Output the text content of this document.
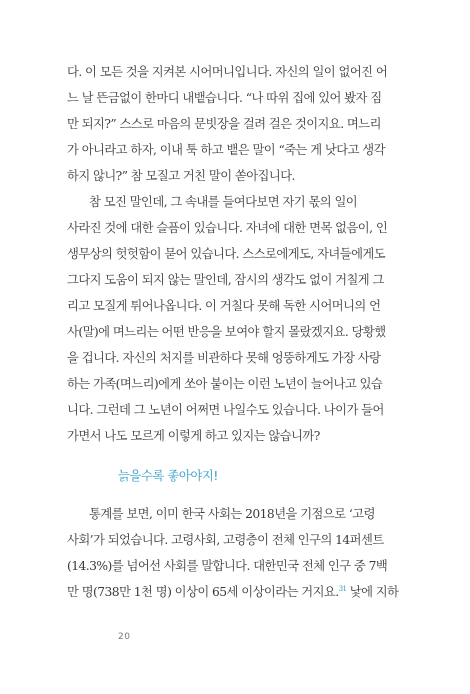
다. 이 모든 것을 지켜본 시어머니입니다. 자신의 일이 없어진 어
느 날 뜬금없이 한마디 내뱉습니다. “나 따위 집에 있어 봤자 짐
만 되지?” 스스로 마음의 문빗장을 걸려 걸은 것이지요. 며느리
가 아니라고 하자, 이내 툭 하고 뱉은 말이 “죽는 게 낫다고 생각
하지 않니?” 참 모질고 거친 말이 쏟아집니다.
참 모진 말인데, 그 속내를 들여다보면 자기 몫의 일이
사라진 것에 대한 슬픔이 있습니다. 자녀에 대한 면목 없음이, 인
생무상의 헛헛함이 묻어 있습니다. 스스로에게도, 자녀들에게도
그다지 도움이 되지 않는 말인데, 잠시의 생각도 없이 거칠게 그
리고 모질게 튀어나옵니다. 이 거칠다 못해 독한 시어머니의 언
사(말)에 며느리는 어떤 반응을 보여야 할지 몰랐겠지요. 당황했
을 겁니다. 자신의 처지를 비관하다 못해 엉뚱하게도 가장 사랑
하는 가족(며느리)에게 쏘아 붙이는 이런 노년이 늘어나고 있습
니다. 그런데 그 노년이 어쩌면 나일수도 있습니다. 나이가 들어
가면서 나도 모르게 이렇게 하고 있지는 않습니까?
늙을수록 좋아야지!
통계를 보면, 이미 한국 사회는 2018년을 기점으로 ‘고령
사회’가 되었습니다. 고령사회, 고령층이 전체 인구의 14퍼센트
(14.3%)를 넘어선 사회를 말합니다. 대한민국 전체 인구 중 7백
만 명(738만 1천 명) 이상이 65세 이상이라는 거지요.$^{31}$ 낯에 지하
20
